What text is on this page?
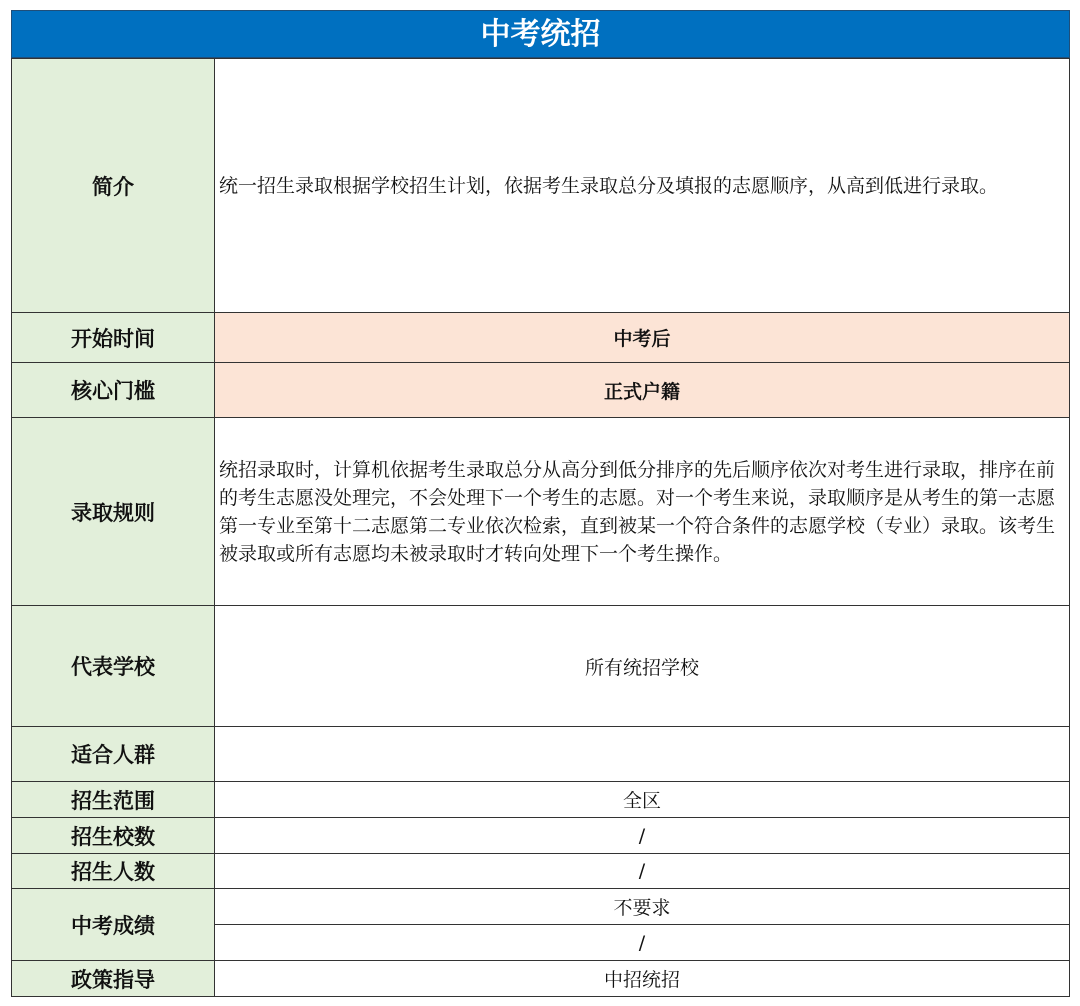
中考统招
简介	统一招生录取根据学校招生计划，依据考生录取总分及填报的志愿顺序，从高到低进行录取。
开始时间	中考后
核心门槛	正式户籍
录取规则	统招录取时，计算机依据考生录取总分从高分到低分排序的先后顺序依次对考生进行录取，排序在前的考生志愿没处理完，不会处理下一个考生的志愿。对一个考生来说，录取顺序是从考生的第一志愿第一专业至第十二志愿第二专业依次检索，直到被某一个符合条件的志愿学校（专业）录取。该考生被录取或所有志愿均未被录取时才转向处理下一个考生操作。
代表学校	所有统招学校
适合人群	
招生范围	全区
招生校数	/
招生人数	/
中考成绩	不要求
	/
政策指导	中招统招
